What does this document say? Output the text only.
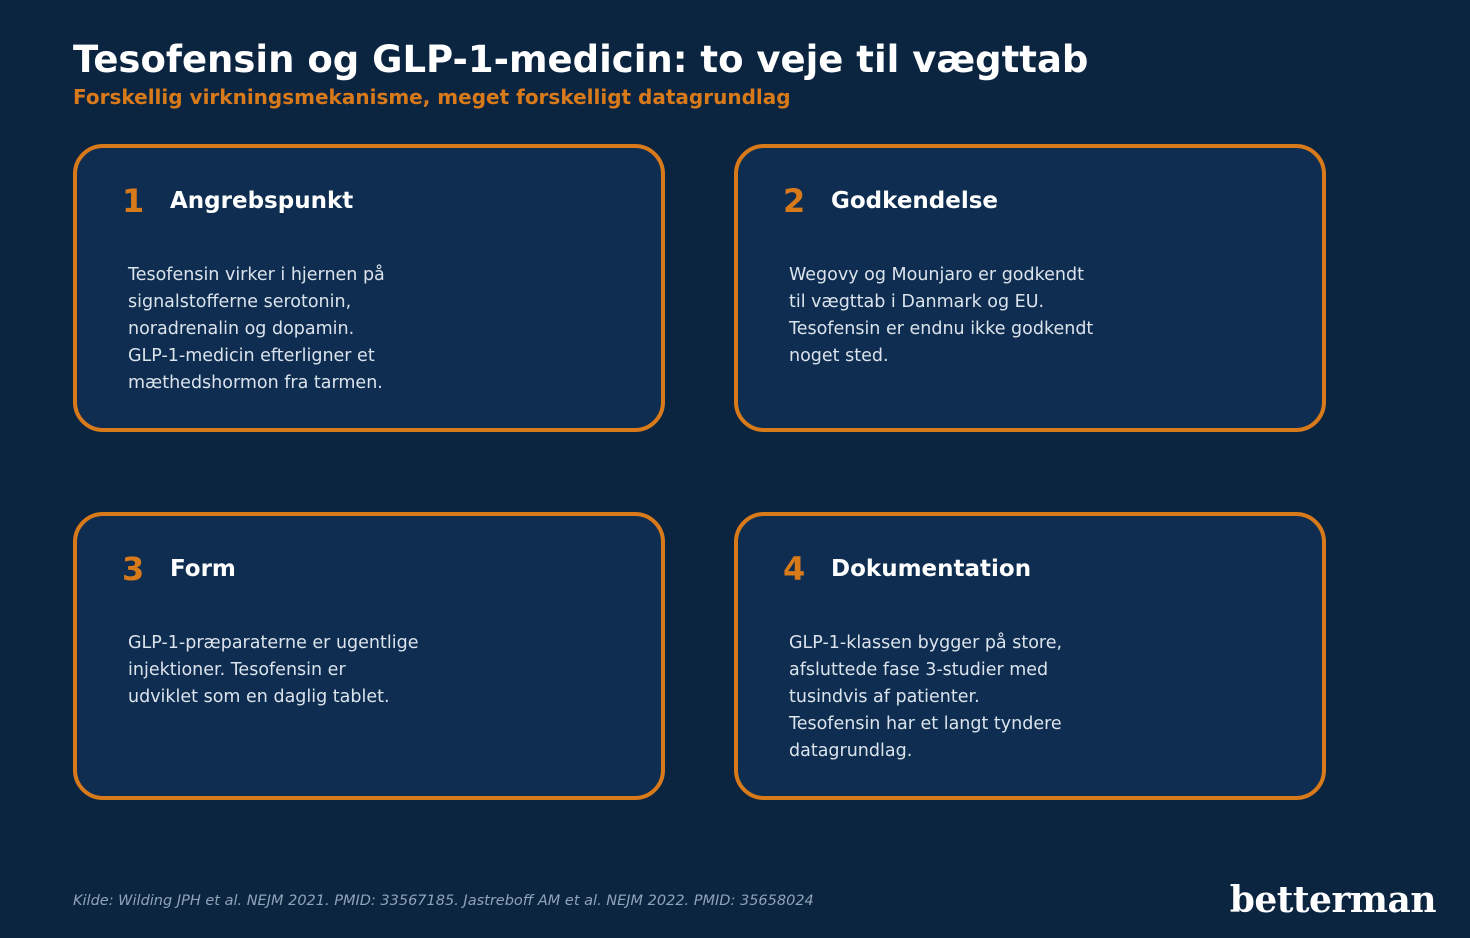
Tesofensin og GLP-1-medicin: to veje til vægttab

Forskellig virkningsmekanisme, meget forskelligt datagrundlag

1 Angrebspunkt

Tesofensin virker i hjernen på
signalstofferne serotonin,
noradrenalin og dopamin.
GLP-1-medicin efterligner et
mæthedshormon fra tarmen.

2 Godkendelse

Wegovy og Mounjaro er godkendt
til vægttab i Danmark og EU.
Tesofensin er endnu ikke godkendt
noget sted.

3 Form

GLP-1-præparaterne er ugentlige
injektioner. Tesofensin er
udviklet som en daglig tablet.

4 Dokumentation

GLP-1-klassen bygger på store,
afsluttede fase 3-studier med
tusindvis af patienter.
Tesofensin har et langt tyndere
datagrundlag.

Kilde: Wilding JPH et al. NEJM 2021. PMID: 33567185. Jastreboff AM et al. NEJM 2022. PMID: 35658024	betterman
